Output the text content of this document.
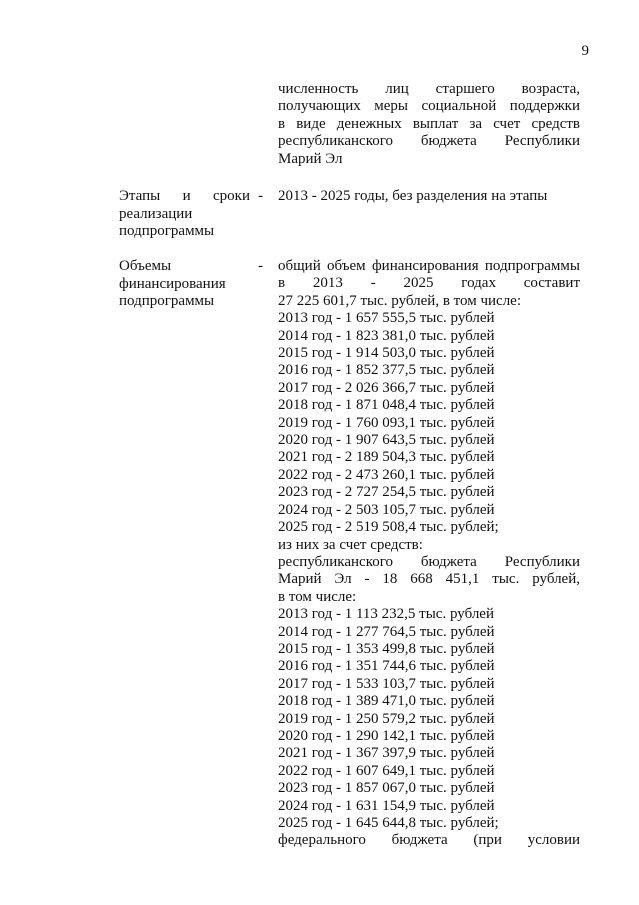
9
численность лиц старшего возраста,
получающих меры социальной поддержки
в виде денежных выплат за счет средств
республиканского бюджета Республики
Марий Эл
Этапы и сроки
реализации
подпрограммы
- 2013 - 2025 годы, без разделения на этапы
Объемы
финансирования
подпрограммы
- общий объем финансирования подпрограммы
в 2013 - 2025 годах составит
27 225 601,7 тыс. рублей, в том числе:
2013 год - 1 657 555,5 тыс. рублей
2014 год - 1 823 381,0 тыс. рублей
2015 год - 1 914 503,0 тыс. рублей
2016 год - 1 852 377,5 тыс. рублей
2017 год - 2 026 366,7 тыс. рублей
2018 год - 1 871 048,4 тыс. рублей
2019 год - 1 760 093,1 тыс. рублей
2020 год - 1 907 643,5 тыс. рублей
2021 год - 2 189 504,3 тыс. рублей
2022 год - 2 473 260,1 тыс. рублей
2023 год - 2 727 254,5 тыс. рублей
2024 год - 2 503 105,7 тыс. рублей
2025 год - 2 519 508,4 тыс. рублей;
из них за счет средств:
республиканского бюджета Республики
Марий Эл - 18 668 451,1 тыс. рублей,
в том числе:
2013 год - 1 113 232,5 тыс. рублей
2014 год - 1 277 764,5 тыс. рублей
2015 год - 1 353 499,8 тыс. рублей
2016 год - 1 351 744,6 тыс. рублей
2017 год - 1 533 103,7 тыс. рублей
2018 год - 1 389 471,0 тыс. рублей
2019 год - 1 250 579,2 тыс. рублей
2020 год - 1 290 142,1 тыс. рублей
2021 год - 1 367 397,9 тыс. рублей
2022 год - 1 607 649,1 тыс. рублей
2023 год - 1 857 067,0 тыс. рублей
2024 год - 1 631 154,9 тыс. рублей
2025 год - 1 645 644,8 тыс. рублей;
федерального бюджета (при условии
